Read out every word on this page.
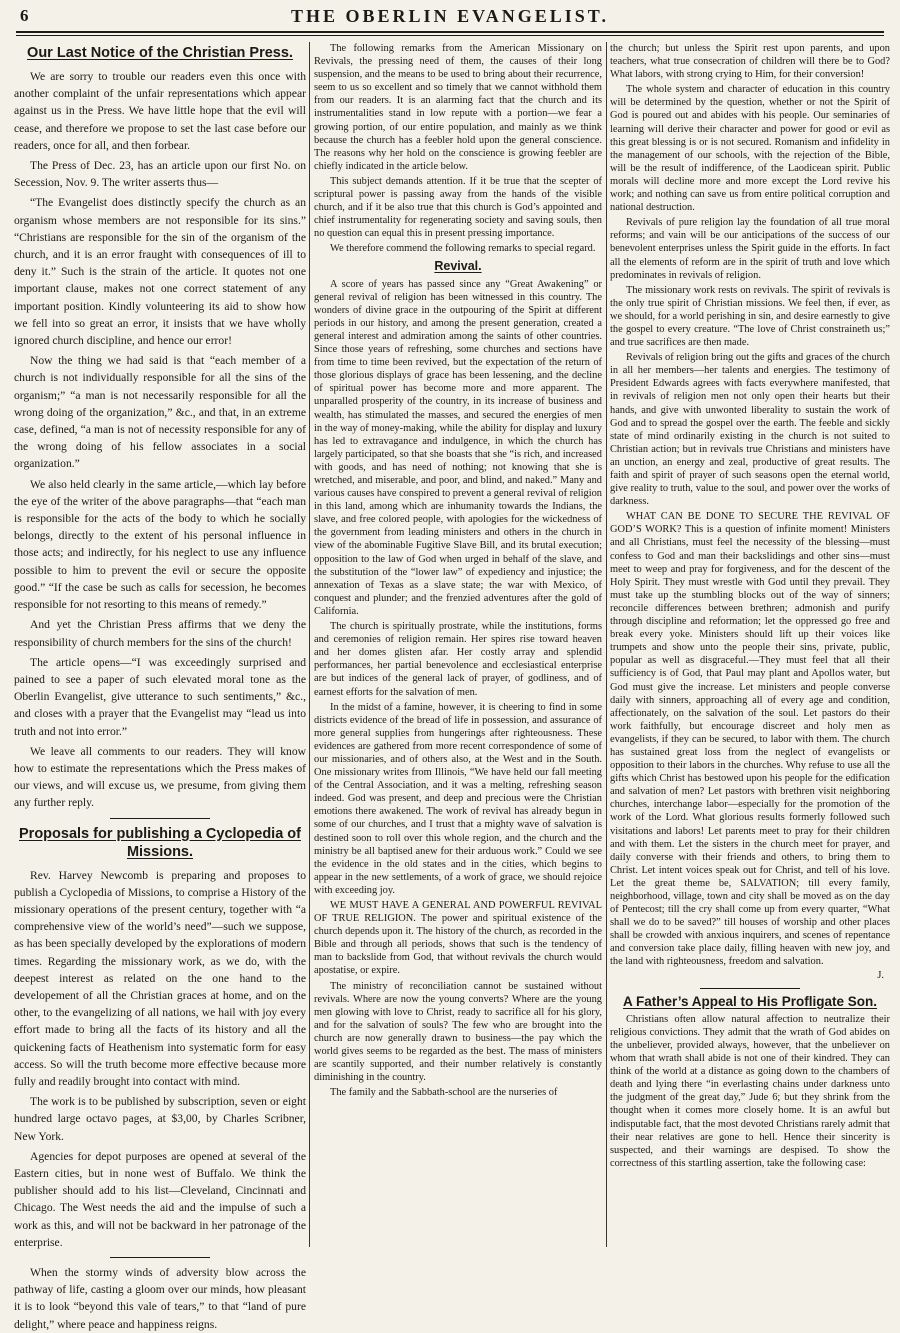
6	THE OBERLIN EVANGELIST.
Our Last Notice of the Christian Press.

We are sorry to trouble our readers even this once with another complaint of the unfair representations which appear against us in the Press. We have little hope that the evil will cease, and therefore we propose to set the last case before our readers, once for all, and then forbear.

The Press of Dec. 23, has an article upon our first No. on Secession, Nov. 9. The writer asserts thus—

“The Evangelist does distinctly specify the church as an organism whose members are not responsible for its sins.” “Christians are responsible for the sin of the organism of the church, and it is an error fraught with consequences of ill to deny it.” Such is the strain of the article. It quotes not one important clause, makes not one correct statement of any important position. Kindly volunteering its aid to show how we fell into so great an error, it insists that we have wholly ignored church discipline, and hence our error!

Now the thing we had said is that “each member of a church is not individually responsible for all the sins of the organism;” “a man is not necessarily responsible for all the wrong doing of the organization,” &c., and that, in an extreme case, defined, “a man is not of necessity responsible for any of the wrong doing of his fellow associates in a social organization.”

We also held clearly in the same article,—which lay before the eye of the writer of the above paragraphs—that “each man is responsible for the acts of the body to which he socially belongs, directly to the extent of his personal influence in those acts; and indirectly, for his neglect to use any influence possible to him to prevent the evil or secure the opposite good.” “If the case be such as calls for secession, he becomes responsible for not resorting to this means of remedy.”

And yet the Christian Press affirms that we deny the responsibility of church members for the sins of the church!

The article opens—“I was exceedingly surprised and pained to see a paper of such elevated moral tone as the Oberlin Evangelist, give utterance to such sentiments,” &c., and closes with a prayer that the Evangelist may “lead us into truth and not into error.”

We leave all comments to our readers. They will know how to estimate the representations which the Press makes of our views, and will excuse us, we presume, from giving them any further reply.

Proposals for publishing a Cyclopedia of Missions.

Rev. Harvey Newcomb is preparing and proposes to publish a Cyclopedia of Missions, to comprise a History of the missionary operations of the present century, together with “a comprehensive view of the world’s need”—such we suppose, as has been specially developed by the explorations of modern times. Regarding the missionary work, as we do, with the deepest interest as related on the one hand to the developement of all the Christian graces at home, and on the other, to the evangelizing of all nations, we hail with joy every effort made to bring all the facts of its history and all the quickening facts of Heathenism into systematic form for easy access. So will the truth become more effective because more fully and readily brought into contact with mind.

The work is to be published by subscription, seven or eight hundred large octavo pages, at $3,00, by Charles Scribner, New York.

Agencies for depot purposes are opened at several of the Eastern cities, but in none west of Buffalo. We think the publisher should add to his list—Cleveland, Cincinnati and Chicago. The West needs the aid and the impulse of such a work as this, and will not be backward in her patronage of the enterprise.

When the stormy winds of adversity blow across the pathway of life, casting a gloom over our minds, how pleasant it is to look “beyond this vale of tears,” to that “land of pure delight,” where peace and happiness reigns.

The following remarks from the American Missionary on Revivals, the pressing need of them, the causes of their long suspension, and the means to be used to bring about their recurrence, seem to us so excellent and so timely that we cannot withhold them from our readers. It is an alarming fact that the church and its instrumentalities stand in low repute with a portion—we fear a growing portion, of our entire population, and mainly as we think because the church has a feebler hold upon the general conscience. The reasons why her hold on the conscience is growing feebler are chiefly indicated in the article below.

This subject demands attention. If it be true that the scepter of scriptural power is passing away from the hands of the visible church, and if it be also true that this church is God’s appointed and chief instrumentality for regenerating society and saving souls, then no question can equal this in present pressing importance.

We therefore commend the following remarks to special regard.

Revival.

A score of years has passed since any “Great Awakening” or general revival of religion has been witnessed in this country. The wonders of divine grace in the outpouring of the Spirit at different periods in our history, and among the present generation, created a general interest and admiration among the saints of other countries. Since those years of refreshing, some churches and sections have from time to time been revived, but the expectation of the return of those glorious displays of grace has been lessening, and the decline of spiritual power has become more and more apparent. The unparalled prosperity of the country, in its increase of business and wealth, has stimulated the masses, and secured the energies of men in the way of money-making, while the ability for display and luxury has led to extravagance and indulgence, in which the church has largely participated, so that she boasts that she “is rich, and increased with goods, and has need of nothing; not knowing that she is wretched, and miserable, and poor, and blind, and naked.” Many and various causes have conspired to prevent a general revival of religion in this land, among which are inhumanity towards the Indians, the slave, and free colored people, with apologies for the wickedness of the government from leading ministers and others in the church in view of the abominable Fugitive Slave Bill, and its brutal execution; opposition to the law of God when urged in behalf of the slave, and the substitution of the “lower law” of expediency and injustice; the annexation of Texas as a slave state; the war with Mexico, of conquest and plunder; and the frenzied adventures after the gold of California.

The church is spiritually prostrate, while the institutions, forms and ceremonies of religion remain. Her spires rise toward heaven and her domes glisten afar. Her costly array and splendid performances, her partial benevolence and ecclesiastical enterprise are but indices of the general lack of prayer, of godliness, and of earnest efforts for the salvation of men.

In the midst of a famine, however, it is cheering to find in some districts evidence of the bread of life in possession, and assurance of more general supplies from hungerings after righteousness. These evidences are gathered from more recent correspondence of some of our missionaries, and of others also, at the West and in the South. One missionary writes from Illinois, “We have held our fall meeting of the Central Association, and it was a melting, refreshing season indeed. God was present, and deep and precious were the Christian emotions there awakened. The work of revival has already begun in some of our churches, and I trust that a mighty wave of salvation is destined soon to roll over this whole region, and the church and the ministry be all baptised anew for their arduous work.” Could we see the evidence in the old states and in the cities, which begins to appear in the new settlements, of a work of grace, we should rejoice with exceeding joy.

WE MUST HAVE A GENERAL AND POWERFUL REVIVAL OF TRUE RELIGION. The power and spiritual existence of the church depends upon it. The history of the church, as recorded in the Bible and through all periods, shows that such is the tendency of man to backslide from God, that without revivals the church would apostatise, or expire.

The ministry of reconciliation cannot be sustained without revivals. Where are now the young converts? Where are the young men glowing with love to Christ, ready to sacrifice all for his glory, and for the salvation of souls? The few who are brought into the church are now generally drawn to business—the pay which the world gives seems to be regarded as the best. The mass of ministers are scantily supported, and their number relatively is constantly diminishing in the country.

The family and the Sabbath-school are the nurseries of

the church; but unless the Spirit rest upon parents, and upon teachers, what true consecration of children will there be to God? What labors, with strong crying to Him, for their conversion!

The whole system and character of education in this country will be determined by the question, whether or not the Spirit of God is poured out and abides with his people. Our seminaries of learning will derive their character and power for good or evil as this great blessing is or is not secured. Romanism and infidelity in the management of our schools, with the rejection of the Bible, will be the result of indifference, of the Laodicean spirit. Public morals will decline more and more except the Lord revive his work; and nothing can save us from entire political corruption and national destruction.

Revivals of pure religion lay the foundation of all true moral reforms; and vain will be our anticipations of the success of our benevolent enterprises unless the Spirit guide in the efforts. In fact all the elements of reform are in the spirit of truth and love which predominates in revivals of religion.

The missionary work rests on revivals. The spirit of revivals is the only true spirit of Christian missions. We feel then, if ever, as we should, for a world perishing in sin, and desire earnestly to give the gospel to every creature. “The love of Christ constraineth us;” and true sacrifices are then made.

Revivals of religion bring out the gifts and graces of the church in all her members—her talents and energies. The testimony of President Edwards agrees with facts everywhere manifested, that in revivals of religion men not only open their hearts but their hands, and give with unwonted liberality to sustain the work of God and to spread the gospel over the earth. The feeble and sickly state of mind ordinarily existing in the church is not suited to Christian action; but in revivals true Christians and ministers have an unction, an energy and zeal, productive of great results. The faith and spirit of prayer of such seasons open the eternal world, give reality to truth, value to the soul, and power over the works of darkness.

WHAT CAN BE DONE TO SECURE THE REVIVAL OF GOD’S WORK? This is a question of infinite moment! Ministers and all Christians, must feel the necessity of the blessing—must confess to God and man their backslidings and other sins—must meet to weep and pray for forgiveness, and for the descent of the Holy Spirit. They must wrestle with God until they prevail. They must take up the stumbling blocks out of the way of sinners; reconcile differences between brethren; admonish and purify through discipline and reformation; let the oppressed go free and break every yoke. Ministers should lift up their voices like trumpets and show unto the people their sins, private, public, popular as well as disgraceful.—They must feel that all their sufficiency is of God, that Paul may plant and Apollos water, but God must give the increase. Let ministers and people converse daily with sinners, approaching all of every age and condition, affectionately, on the salvation of the soul. Let pastors do their work faithfully, but encourage discreet and holy men as evangelists, if they can be secured, to labor with them. The church has sustained great loss from the neglect of evangelists or opposition to their labors in the churches. Why refuse to use all the gifts which Christ has bestowed upon his people for the edification and salvation of men? Let pastors with brethren visit neighboring churches, interchange labor—especially for the promotion of the work of the Lord. What glorious results formerly followed such visitations and labors! Let parents meet to pray for their children and with them. Let the sisters in the church meet for prayer, and daily converse with their friends and others, to bring them to Christ. Let intent voices speak out for Christ, and tell of his love. Let the great theme be, SALVATION; till every family, neighborhood, village, town and city shall be moved as on the day of Pentecost; till the cry shall come up from every quarter, “What shall we do to be saved?” till houses of worship and other places shall be crowded with anxious inquirers, and scenes of repentance and conversion take place daily, filling heaven with new joy, and the land with righteousness, freedom and salvation.

J.
A Father’s Appeal to His Profligate Son.

Christians often allow natural affection to neutralize their religious convictions. They admit that the wrath of God abides on the unbeliever, provided always, however, that the unbeliever on whom that wrath shall abide is not one of their kindred. They can think of the world at a distance as going down to the chambers of death and lying there “in everlasting chains under darkness unto the judgment of the great day,” Jude 6; but they shrink from the thought when it comes more closely home. It is an awful but indisputable fact, that the most devoted Christians rarely admit that their near relatives are gone to hell. Hence their sincerity is suspected, and their warnings are despised. To show the correctness of this startling assertion, take the following case:
